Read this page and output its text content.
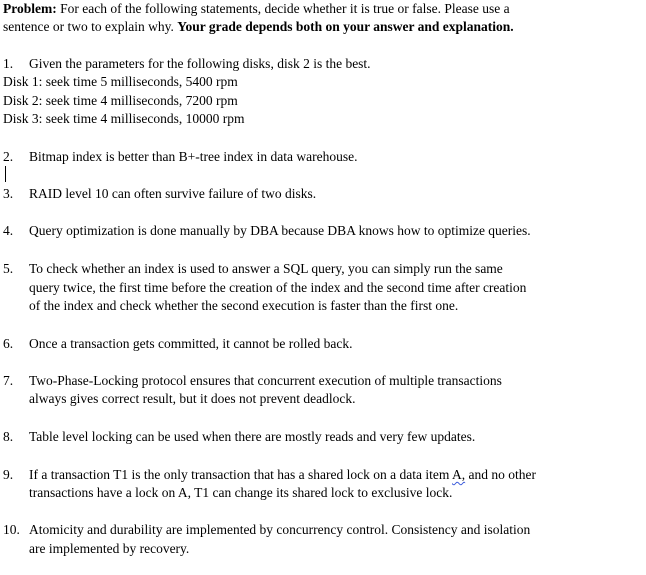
Problem: For each of the following statements, decide whether it is true or false. Please use a
sentence or two to explain why. Your grade depends both on your answer and explanation.
1. Given the parameters for the following disks, disk 2 is the best.
Disk 1: seek time 5 milliseconds, 5400 rpm
Disk 2: seek time 4 milliseconds, 7200 rpm
Disk 3: seek time 4 milliseconds, 10000 rpm
2. Bitmap index is better than B+-tree index in data warehouse.
3. RAID level 10 can often survive failure of two disks.
4. Query optimization is done manually by DBA because DBA knows how to optimize queries.
5. To check whether an index is used to answer a SQL query, you can simply run the same
query twice, the first time before the creation of the index and the second time after creation
of the index and check whether the second execution is faster than the first one.
6. Once a transaction gets committed, it cannot be rolled back.
7. Two-Phase-Locking protocol ensures that concurrent execution of multiple transactions
always gives correct result, but it does not prevent deadlock.
8. Table level locking can be used when there are mostly reads and very few updates.
9. If a transaction T1 is the only transaction that has a shared lock on a data item A, and no other
transactions have a lock on A, T1 can change its shared lock to exclusive lock.
10. Atomicity and durability are implemented by concurrency control. Consistency and isolation
are implemented by recovery.
